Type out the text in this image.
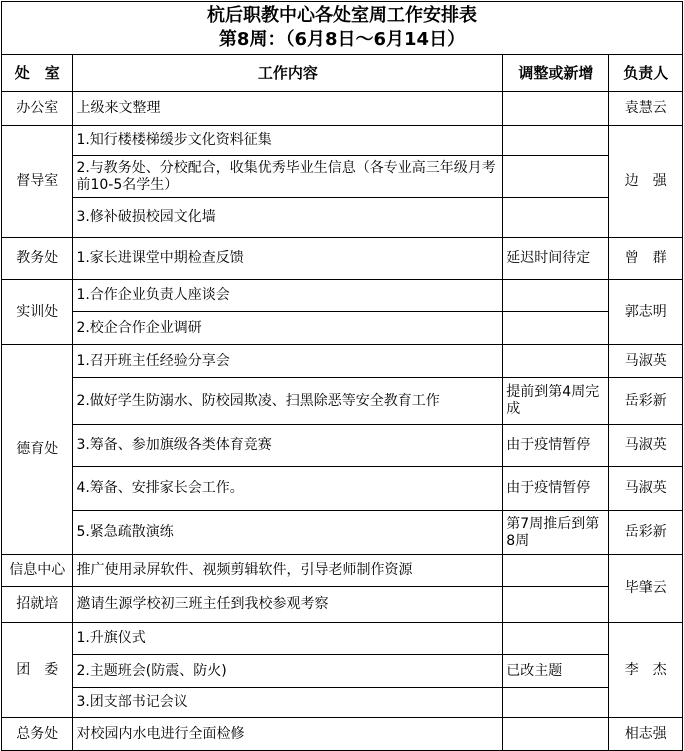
杭后职教中心各处室周工作安排表
第8周：（6月8日～6月14日）			

处　室	工作内容	调整或新增	负责人
办公室	上级来文整理		袁慧云
督导室	1.知行楼楼梯缓步文化资料征集		边　强
	2.与教务处、分校配合，收集优秀毕业生信息（各专业高三年级月考前10-5名学生）		
	3.修补破损校园文化墙		
教务处	1.家长进课堂中期检查反馈	延迟时间待定	曾　群
实训处	1.合作企业负责人座谈会		郭志明
	2.校企合作企业调研		
德育处	1.召开班主任经验分享会		马淑英
	2.做好学生防溺水、防校园欺凌、扫黑除恶等安全教育工作	提前到第4周完成	岳彩新
	3.筹备、参加旗级各类体育竞赛	由于疫情暂停	马淑英
	4.筹备、安排家长会工作。	由于疫情暂停	马淑英
	5.紧急疏散演练	第7周推后到第8周	岳彩新
信息中心	推广使用录屏软件、视频剪辑软件，引导老师制作资源		毕肇云
招就培	邀请生源学校初三班主任到我校参观考察		
团　委	1.升旗仪式		李　杰
	2.主题班会(防震、防火)	已改主题	
	3.团支部书记会议		
总务处	对校园内水电进行全面检修		相志强
